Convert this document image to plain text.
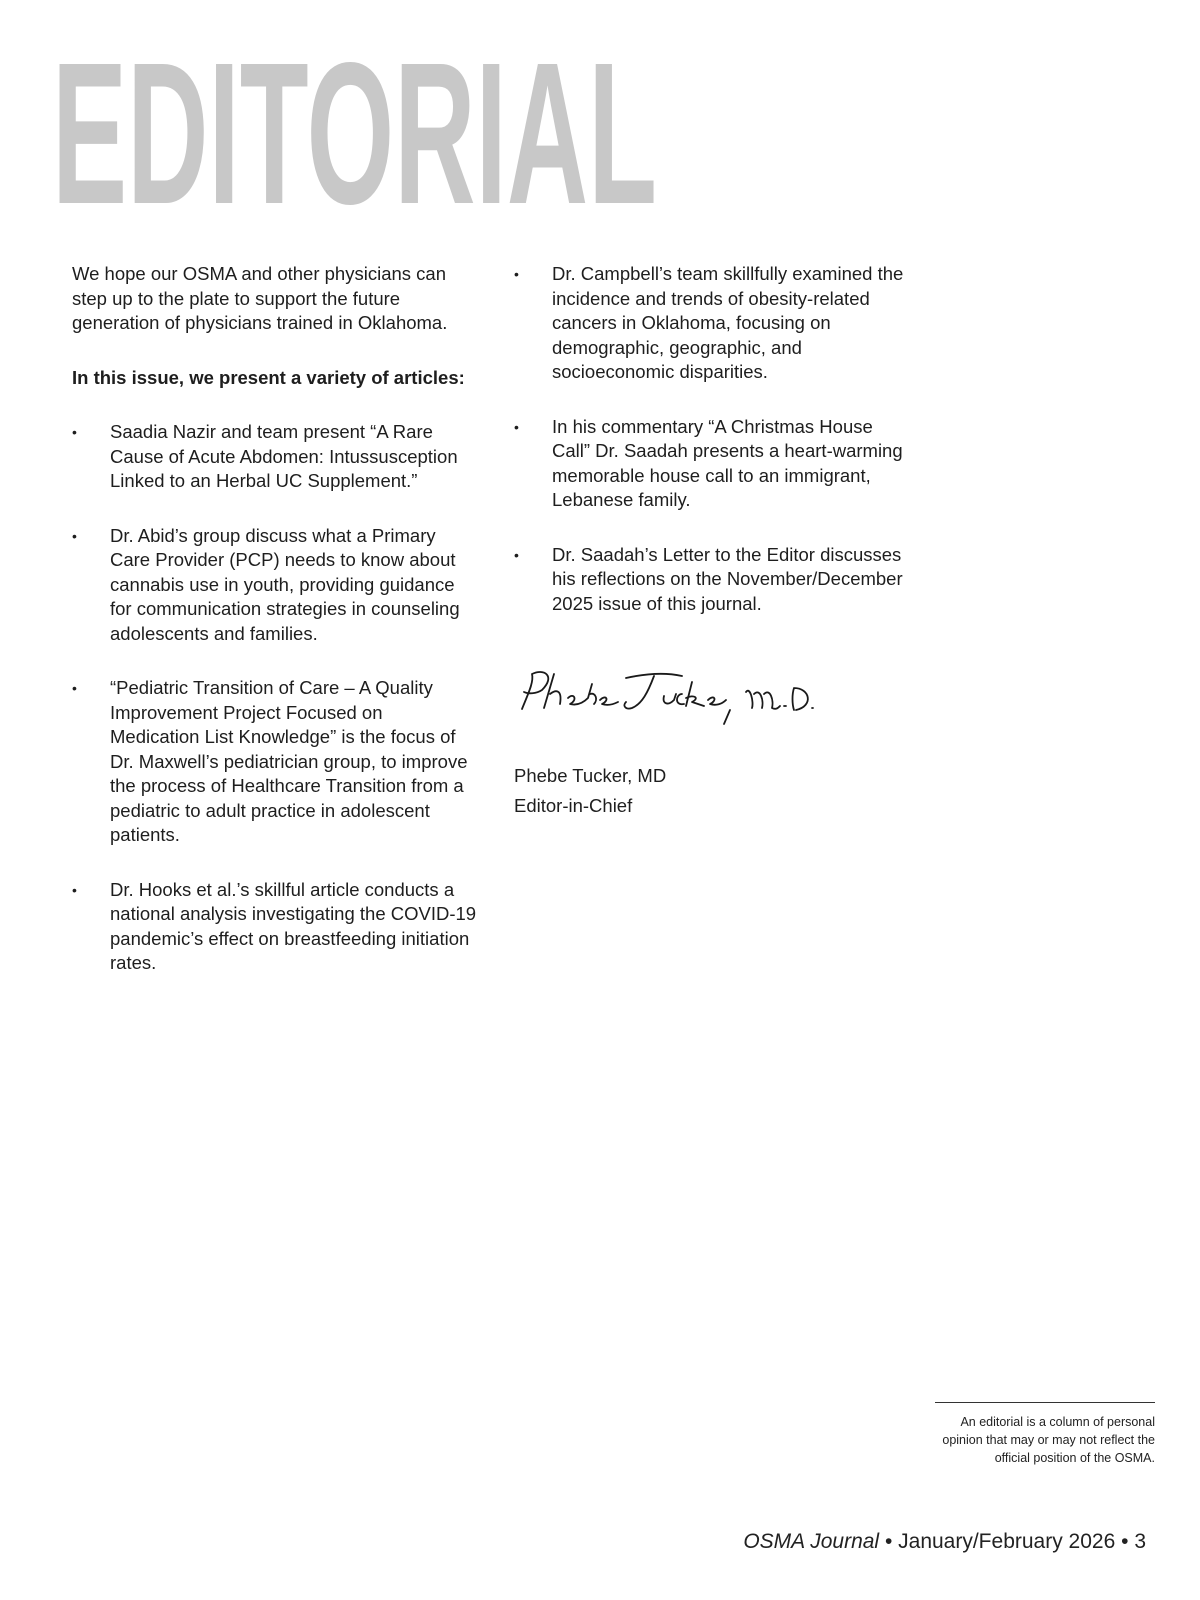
EDITORIAL

We hope our OSMA and other physicians can step up to the plate to support the future generation of physicians trained in Oklahoma.

In this issue, we present a variety of articles:

• Saadia Nazir and team present “A Rare Cause of Acute Abdomen: Intussusception Linked to an Herbal UC Supplement.”
• Dr. Abid’s group discuss what a Primary Care Provider (PCP) needs to know about cannabis use in youth, providing guidance for communication strategies in counseling adolescents and families.
• “Pediatric Transition of Care – A Quality Improvement Project Focused on Medication List Knowledge” is the focus of Dr. Maxwell’s pediatrician group, to improve the process of Healthcare Transition from a pediatric to adult practice in adolescent patients.
• Dr. Hooks et al.’s skillful article conducts a national analysis investigating the COVID-19 pandemic’s effect on breastfeeding initiation rates.
• Dr. Campbell’s team skillfully examined the incidence and trends of obesity-related cancers in Oklahoma, focusing on demographic, geographic, and socioeconomic disparities.
• In his commentary “A Christmas House Call” Dr. Saadah presents a heart-warming memorable house call to an immigrant, Lebanese family.
• Dr. Saadah’s Letter to the Editor discusses his reflections on the November/December 2025 issue of this journal.

Phebe Tucker, MD

Editor-in-Chief

An editorial is a column of personal opinion that may or may not reflect the official position of the OSMA.
OSMA Journal • January/February 2026 • 3
